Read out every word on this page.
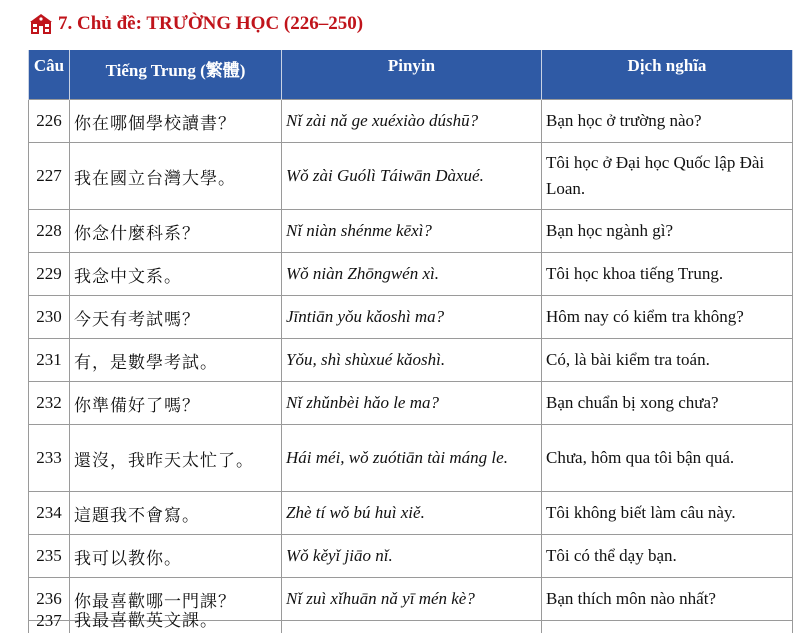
7. Chủ đề: TRƯỜNG HỌC (226–250)
Câu	Tiếng Trung (繁體)	Pinyin	Dịch nghĩa
226	你在哪個學校讀書？	Nǐ zài nǎ ge xuéxiào dúshū?	Bạn học ở trường nào?
227	我在國立台灣大學。	Wǒ zài Guólì Táiwān Dàxué.	Tôi học ở Đại học Quốc lập Đài Loan.
228	你念什麼科系？	Nǐ niàn shénme kēxì?	Bạn học ngành gì?
229	我念中文系。	Wǒ niàn Zhōngwén xì.	Tôi học khoa tiếng Trung.
230	今天有考試嗎？	Jīntiān yǒu kǎoshì ma?	Hôm nay có kiểm tra không?
231	有，是數學考試。	Yǒu, shì shùxué kǎoshì.	Có, là bài kiểm tra toán.
232	你準備好了嗎？	Nǐ zhǔnbèi hǎo le ma?	Bạn chuẩn bị xong chưa?
233	還沒，我昨天太忙了。	Hái méi, wǒ zuótiān tài máng le.	Chưa, hôm qua tôi bận quá.
234	這題我不會寫。	Zhè tí wǒ bú huì xiě.	Tôi không biết làm câu này.
235	我可以教你。	Wǒ kěyǐ jiāo nǐ.	Tôi có thể dạy bạn.
236	你最喜歡哪一門課？	Nǐ zuì xǐhuān nǎ yī mén kè?	Bạn thích môn nào nhất?

237	我最喜歡英文課。		
